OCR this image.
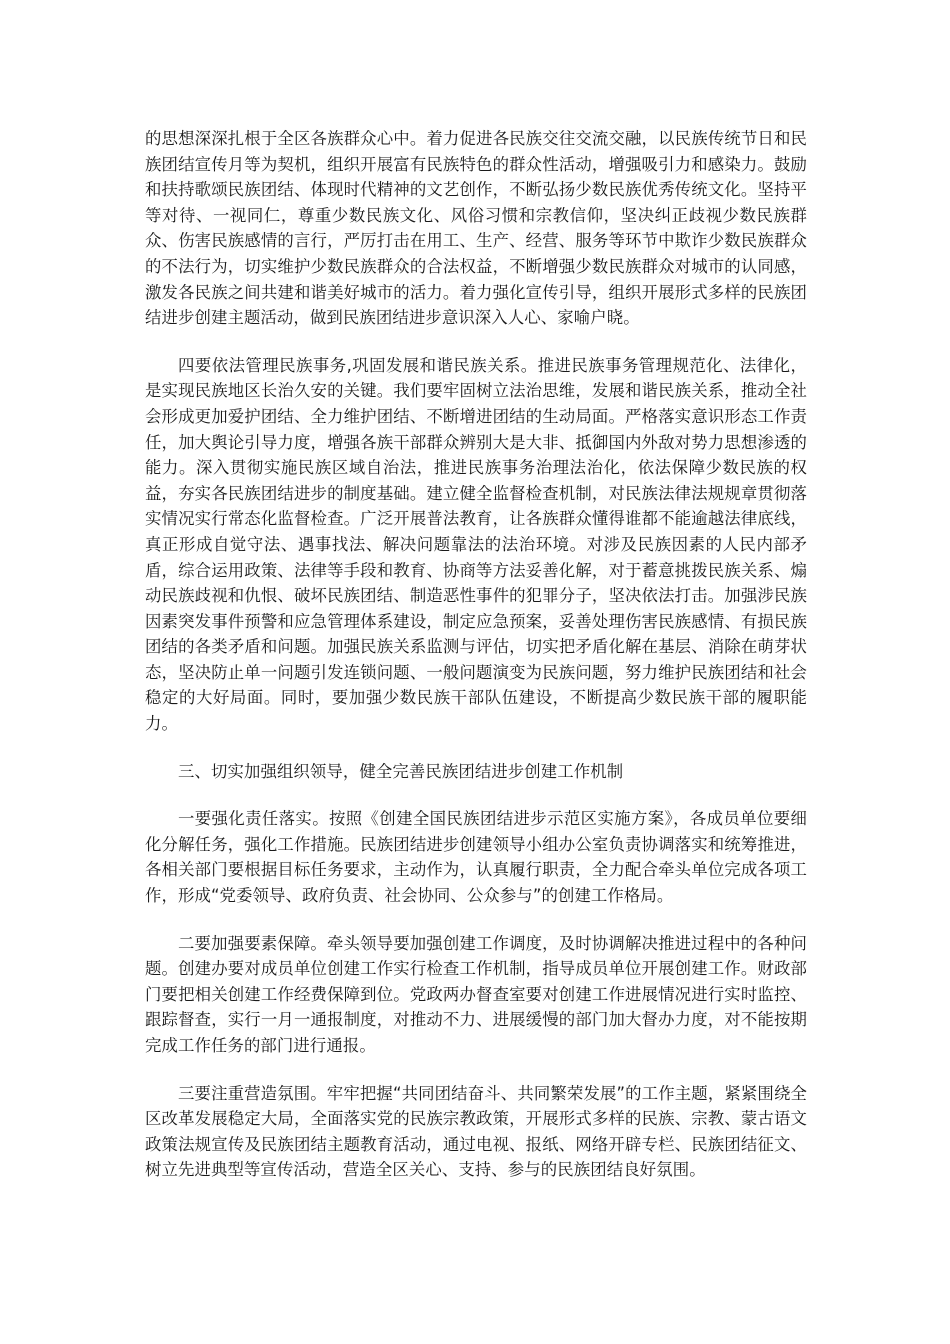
的思想深深扎根于全区各族群众心中。着力促进各民族交往交流交融，以民族传统节日和民族团结宣传月等为契机，组织开展富有民族特色的群众性活动，增强吸引力和感染力。鼓励和扶持歌颂民族团结、体现时代精神的文艺创作，不断弘扬少数民族优秀传统文化。坚持平等对待、一视同仁，尊重少数民族文化、风俗习惯和宗教信仰，坚决纠正歧视少数民族群众、伤害民族感情的言行，严厉打击在用工、生产、经营、服务等环节中欺诈少数民族群众的不法行为，切实维护少数民族群众的合法权益，不断增强少数民族群众对城市的认同感，激发各民族之间共建和谐美好城市的活力。着力强化宣传引导，组织开展形式多样的民族团结进步创建主题活动，做到民族团结进步意识深入人心、家喻户晓。

四要依法管理民族事务,巩固发展和谐民族关系。推进民族事务管理规范化、法律化，是实现民族地区长治久安的关键。我们要牢固树立法治思维，发展和谐民族关系，推动全社会形成更加爱护团结、全力维护团结、不断增进团结的生动局面。严格落实意识形态工作责任，加大舆论引导力度，增强各族干部群众辨别大是大非、抵御国内外敌对势力思想渗透的能力。深入贯彻实施民族区域自治法，推进民族事务治理法治化，依法保障少数民族的权益，夯实各民族团结进步的制度基础。建立健全监督检查机制，对民族法律法规规章贯彻落实情况实行常态化监督检查。广泛开展普法教育，让各族群众懂得谁都不能逾越法律底线，真正形成自觉守法、遇事找法、解决问题靠法的法治环境。对涉及民族因素的人民内部矛盾，综合运用政策、法律等手段和教育、协商等方法妥善化解，对于蓄意挑拨民族关系、煽动民族歧视和仇恨、破坏民族团结、制造恶性事件的犯罪分子，坚决依法打击。加强涉民族因素突发事件预警和应急管理体系建设，制定应急预案，妥善处理伤害民族感情、有损民族团结的各类矛盾和问题。加强民族关系监测与评估，切实把矛盾化解在基层、消除在萌芽状态，坚决防止单一问题引发连锁问题、一般问题演变为民族问题，努力维护民族团结和社会稳定的大好局面。同时，要加强少数民族干部队伍建设，不断提高少数民族干部的履职能力。

三、切实加强组织领导，健全完善民族团结进步创建工作机制

一要强化责任落实。按照《创建全国民族团结进步示范区实施方案》，各成员单位要细化分解任务，强化工作措施。民族团结进步创建领导小组办公室负责协调落实和统筹推进，各相关部门要根据目标任务要求，主动作为，认真履行职责，全力配合牵头单位完成各项工作，形成“党委领导、政府负责、社会协同、公众参与”的创建工作格局。

二要加强要素保障。牵头领导要加强创建工作调度，及时协调解决推进过程中的各种问题。创建办要对成员单位创建工作实行检查工作机制，指导成员单位开展创建工作。财政部门要把相关创建工作经费保障到位。党政两办督查室要对创建工作进展情况进行实时监控、跟踪督查，实行一月一通报制度，对推动不力、进展缓慢的部门加大督办力度，对不能按期完成工作任务的部门进行通报。

三要注重营造氛围。牢牢把握“共同团结奋斗、共同繁荣发展”的工作主题，紧紧围绕全区改革发展稳定大局，全面落实党的民族宗教政策，开展形式多样的民族、宗教、蒙古语文政策法规宣传及民族团结主题教育活动，通过电视、报纸、网络开辟专栏、民族团结征文、树立先进典型等宣传活动，营造全区关心、支持、参与的民族团结良好氛围。
